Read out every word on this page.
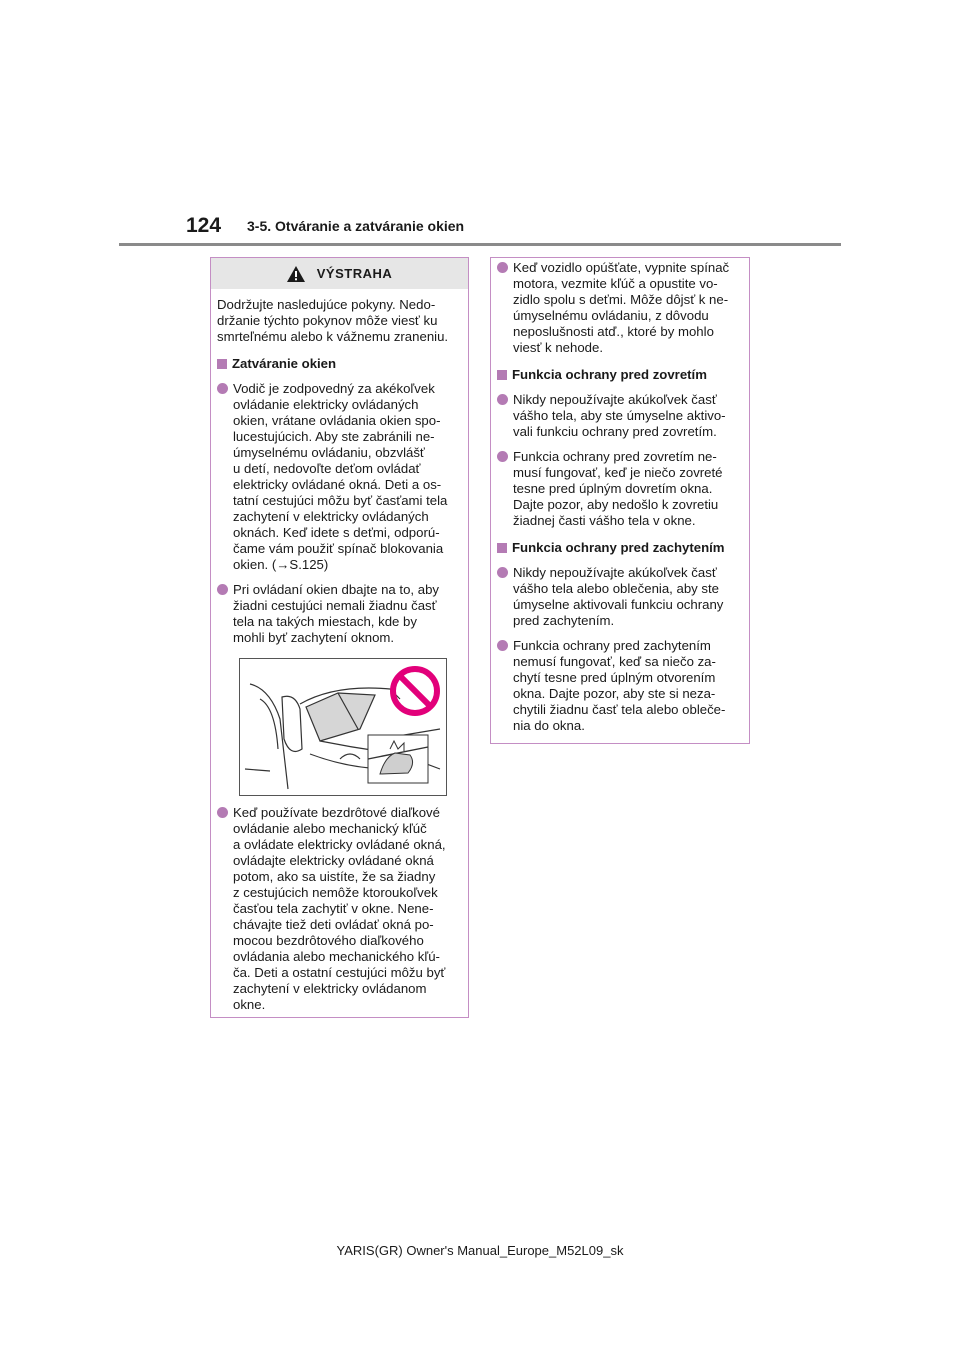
124 3-5. Otváranie a zatváranie okien
VÝSTRAHA
Dodržujte nasledujúce pokyny. Nedo-
držanie týchto pokynov môže viesť ku
smrteľnému alebo k vážnemu zraneniu.
Zatváranie okien
Vodič je zodpovedný za akékoľvek
ovládanie elektricky ovládaných
okien, vrátane ovládania okien spo-
lucestujúcich. Aby ste zabránili ne-
úmyselnému ovládaniu, obzvlášť
u detí, nedovoľte deťom ovládať
elektricky ovládané okná. Deti a os-
tatní cestujúci môžu byť časťami tela
zachytení v elektricky ovládaných
oknách. Keď idete s deťmi, odporú-
čame vám použiť spínač blokovania
okien. (→S.125)
Pri ovládaní okien dbajte na to, aby
žiadni cestujúci nemali žiadnu časť
tela na takých miestach, kde by
mohli byť zachytení oknom.
Keď používate bezdrôtové diaľkové
ovládanie alebo mechanický kľúč
a ovládate elektricky ovládané okná,
ovládajte elektricky ovládané okná
potom, ako sa uistíte, že sa žiadny
z cestujúcich nemôže ktoroukoľvek
časťou tela zachytiť v okne. Nene-
chávajte tiež deti ovládať okná po-
mocou bezdrôtového diaľkového
ovládania alebo mechanického kľú-
ča. Deti a ostatní cestujúci môžu byť
zachytení v elektricky ovládanom
okne.
Keď vozidlo opúšťate, vypnite spínač
motora, vezmite kľúč a opustite vo-
zidlo spolu s deťmi. Môže dôjsť k ne-
úmyselnému ovládaniu, z dôvodu
neposlušnosti atď., ktoré by mohlo
viesť k nehode.
Funkcia ochrany pred zovretím
Nikdy nepoužívajte akúkoľvek časť
vášho tela, aby ste úmyselne aktivo-
vali funkciu ochrany pred zovretím.
Funkcia ochrany pred zovretím ne-
musí fungovať, keď je niečo zovreté
tesne pred úplným dovretím okna.
Dajte pozor, aby nedošlo k zovretiu
žiadnej časti vášho tela v okne.
Funkcia ochrany pred zachytením
Nikdy nepoužívajte akúkoľvek časť
vášho tela alebo oblečenia, aby ste
úmyselne aktivovali funkciu ochrany
pred zachytením.
Funkcia ochrany pred zachytením
nemusí fungovať, keď sa niečo za-
chytí tesne pred úplným otvorením
okna. Dajte pozor, aby ste si neza-
chytili žiadnu časť tela alebo obleče-
nia do okna.
YARIS(GR) Owner's Manual_Europe_M52L09_sk
